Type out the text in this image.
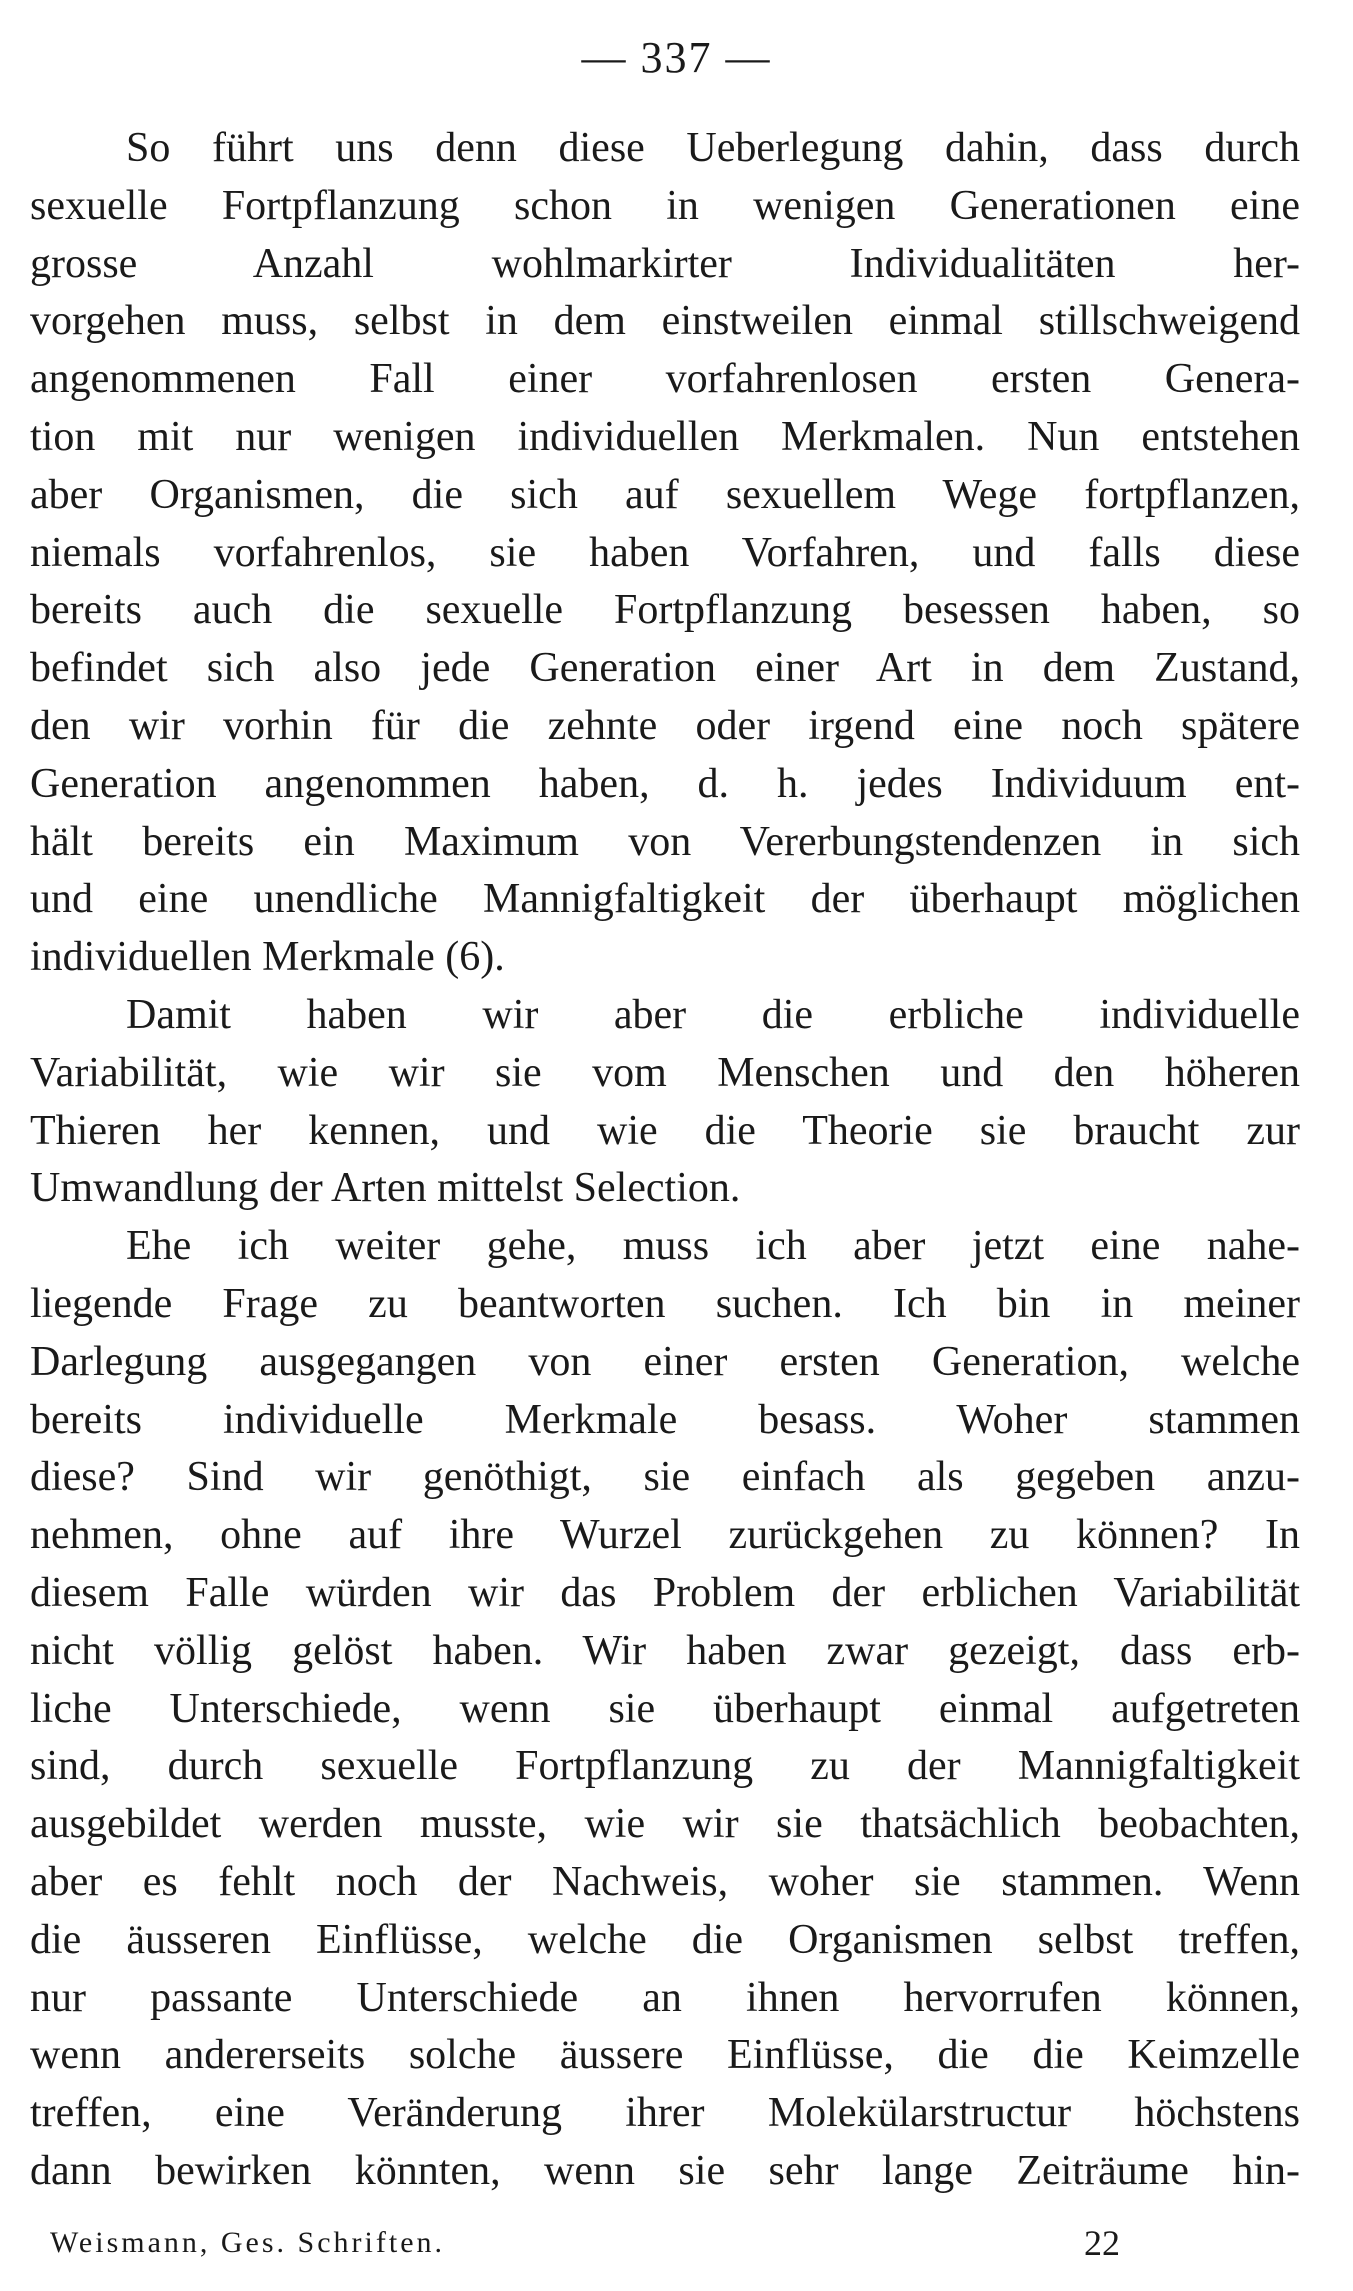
— 337 —
So führt uns denn diese Ueberlegung dahin, dass durch
sexuelle Fortpflanzung schon in wenigen Generationen eine
grosse Anzahl wohlmarkirter Individualitäten her-
vorgehen muss, selbst in dem einstweilen einmal stillschweigend
angenommenen Fall einer vorfahrenlosen ersten Genera-
tion mit nur wenigen individuellen Merkmalen. Nun entstehen
aber Organismen, die sich auf sexuellem Wege fortpflanzen,
niemals vorfahrenlos, sie haben Vorfahren, und falls diese
bereits auch die sexuelle Fortpflanzung besessen haben, so
befindet sich also jede Generation einer Art in dem Zustand,
den wir vorhin für die zehnte oder irgend eine noch spätere
Generation angenommen haben, d. h. jedes Individuum ent-
hält bereits ein Maximum von Vererbungstendenzen in sich
und eine unendliche Mannigfaltigkeit der überhaupt möglichen
individuellen Merkmale (6).
Damit haben wir aber die erbliche individuelle
Variabilität, wie wir sie vom Menschen und den höheren
Thieren her kennen, und wie die Theorie sie braucht zur
Umwandlung der Arten mittelst Selection.
Ehe ich weiter gehe, muss ich aber jetzt eine nahe-
liegende Frage zu beantworten suchen. Ich bin in meiner
Darlegung ausgegangen von einer ersten Generation, welche
bereits individuelle Merkmale besass. Woher stammen
diese? Sind wir genöthigt, sie einfach als gegeben anzu-
nehmen, ohne auf ihre Wurzel zurückgehen zu können? In
diesem Falle würden wir das Problem der erblichen Variabilität
nicht völlig gelöst haben. Wir haben zwar gezeigt, dass erb-
liche Unterschiede, wenn sie überhaupt einmal aufgetreten
sind, durch sexuelle Fortpflanzung zu der Mannigfaltigkeit
ausgebildet werden musste, wie wir sie thatsächlich beobachten,
aber es fehlt noch der Nachweis, woher sie stammen. Wenn
die äusseren Einflüsse, welche die Organismen selbst treffen,
nur passante Unterschiede an ihnen hervorrufen können,
wenn andererseits solche äussere Einflüsse, die die Keimzelle
treffen, eine Veränderung ihrer Molekülarstructur höchstens
dann bewirken könnten, wenn sie sehr lange Zeiträume hin-
Weismann, Ges. Schriften.	22
